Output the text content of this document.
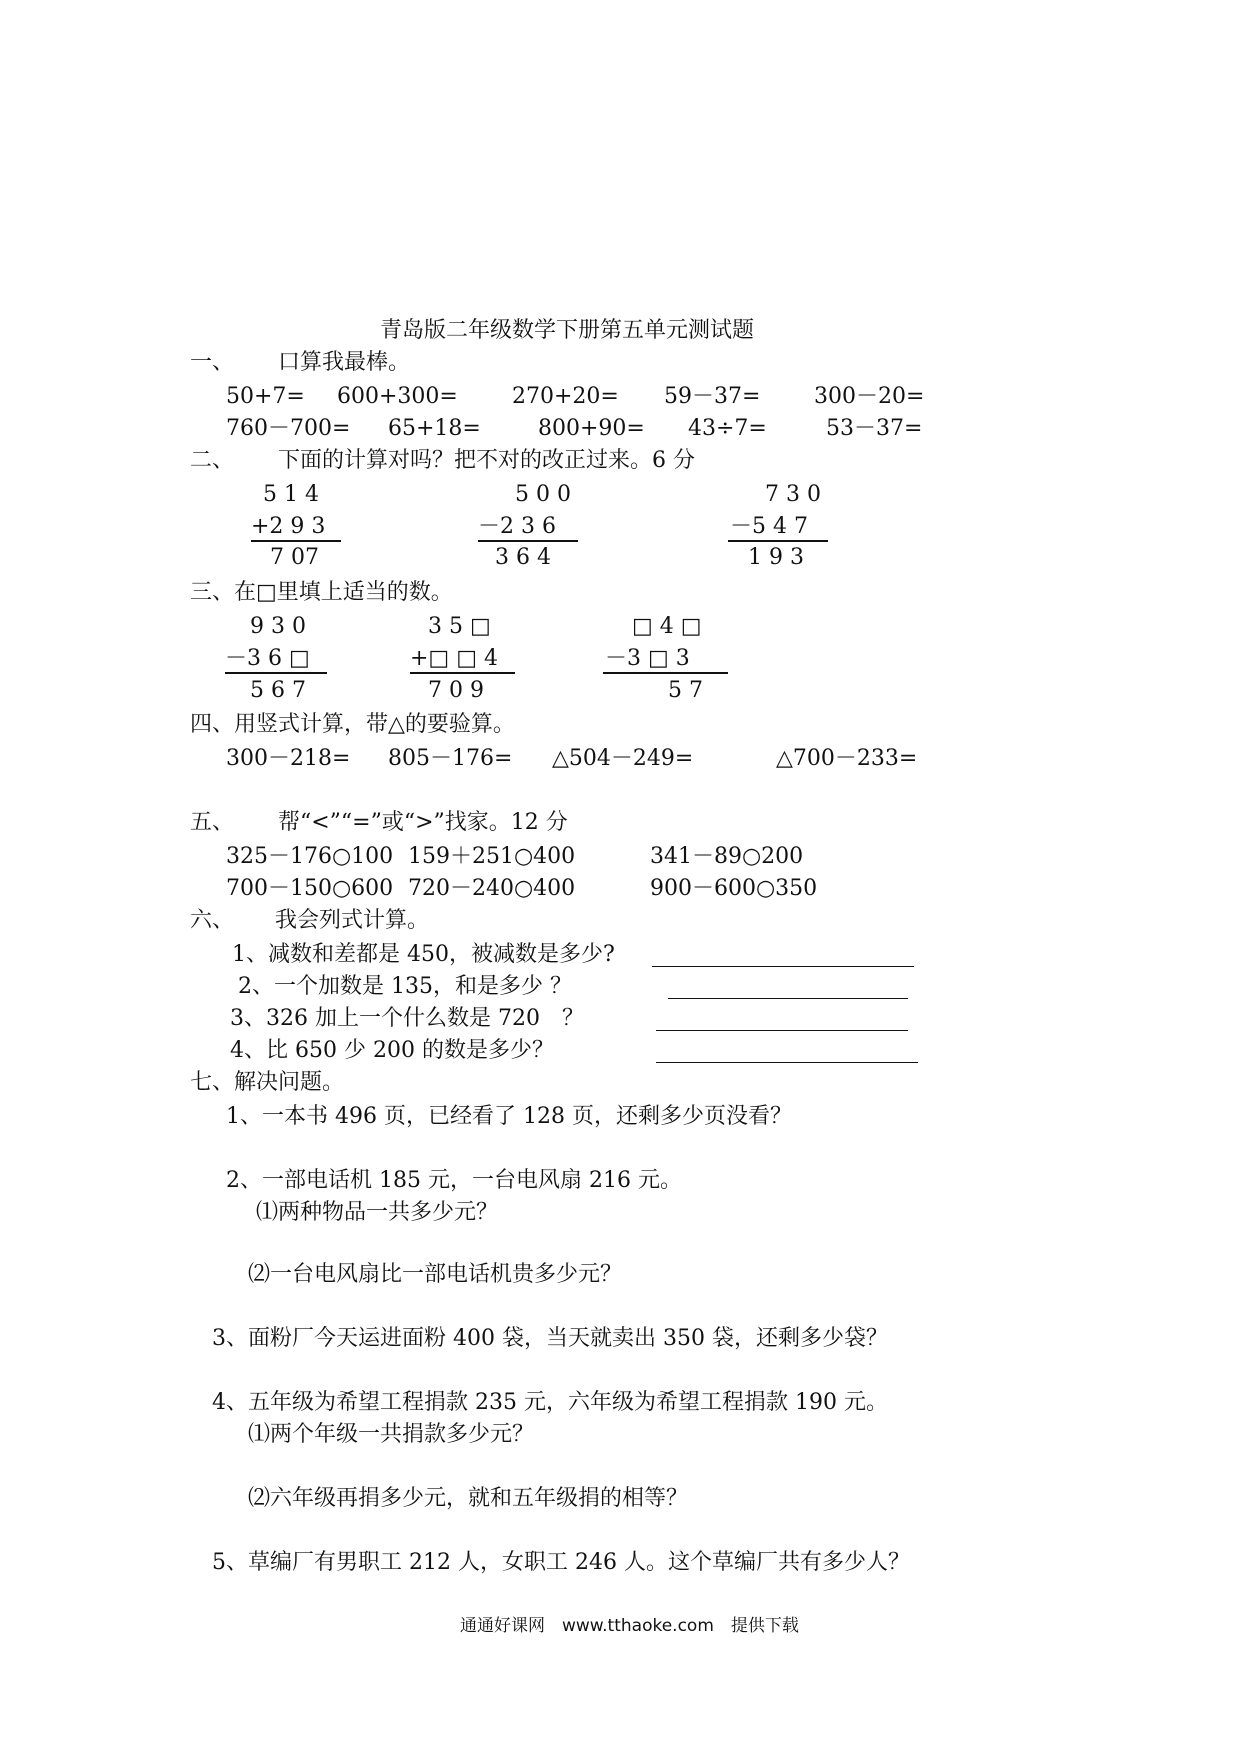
青岛版二年级数学下册第五单元测试题
一、 口算我最棒。
50+7= 600+300= 270+20= 59－37= 300－20=
760－700= 65+18=	800+90= 43÷7=	53－37=
二、 下面的计算对吗？把不对的改正过来。6 分
5 1 4
+2 9 3
7 07
5 0 0
－2 3 6
3 6 4
7 3 0
－5 4 7
1 9 3
三、在□里填上适当的数。
9 3 0
－3 6 □
5 6 7
3 5 □
+□ □ 4
7 0 9
□ 4 □
－3 □ 3
5 7
四、用竖式计算，带△的要验算。
300－218= 805－176= △504－249=	△700－233=
五、 帮“<”“=”或“>”找家。12 分
325－176○100 159＋251○400	341－89○200
700－150○600 720－240○400	900－600○350
六、 我会列式计算。
1、减数和差都是 450，被减数是多少?
2、一个加数是 135，和是多少 ？
3、326 加上一个什么数是 720　？
4、比 650 少 200 的数是多少？
七、解决问题。
1、一本书 496 页，已经看了 128 页，还剩多少页没看？
2、一部电话机 185 元，一台电风扇 216 元。
⑴两种物品一共多少元？
⑵一台电风扇比一部电话机贵多少元？
3、面粉厂今天运进面粉 400 袋，当天就卖出 350 袋，还剩多少袋？
4、五年级为希望工程捐款 235 元，六年级为希望工程捐款 190 元。
⑴两个年级一共捐款多少元？
⑵六年级再捐多少元，就和五年级捐的相等？
5、草编厂有男职工 212 人，女职工 246 人。这个草编厂共有多少人？
通通好课网　www.tthaoke.com　提供下载
